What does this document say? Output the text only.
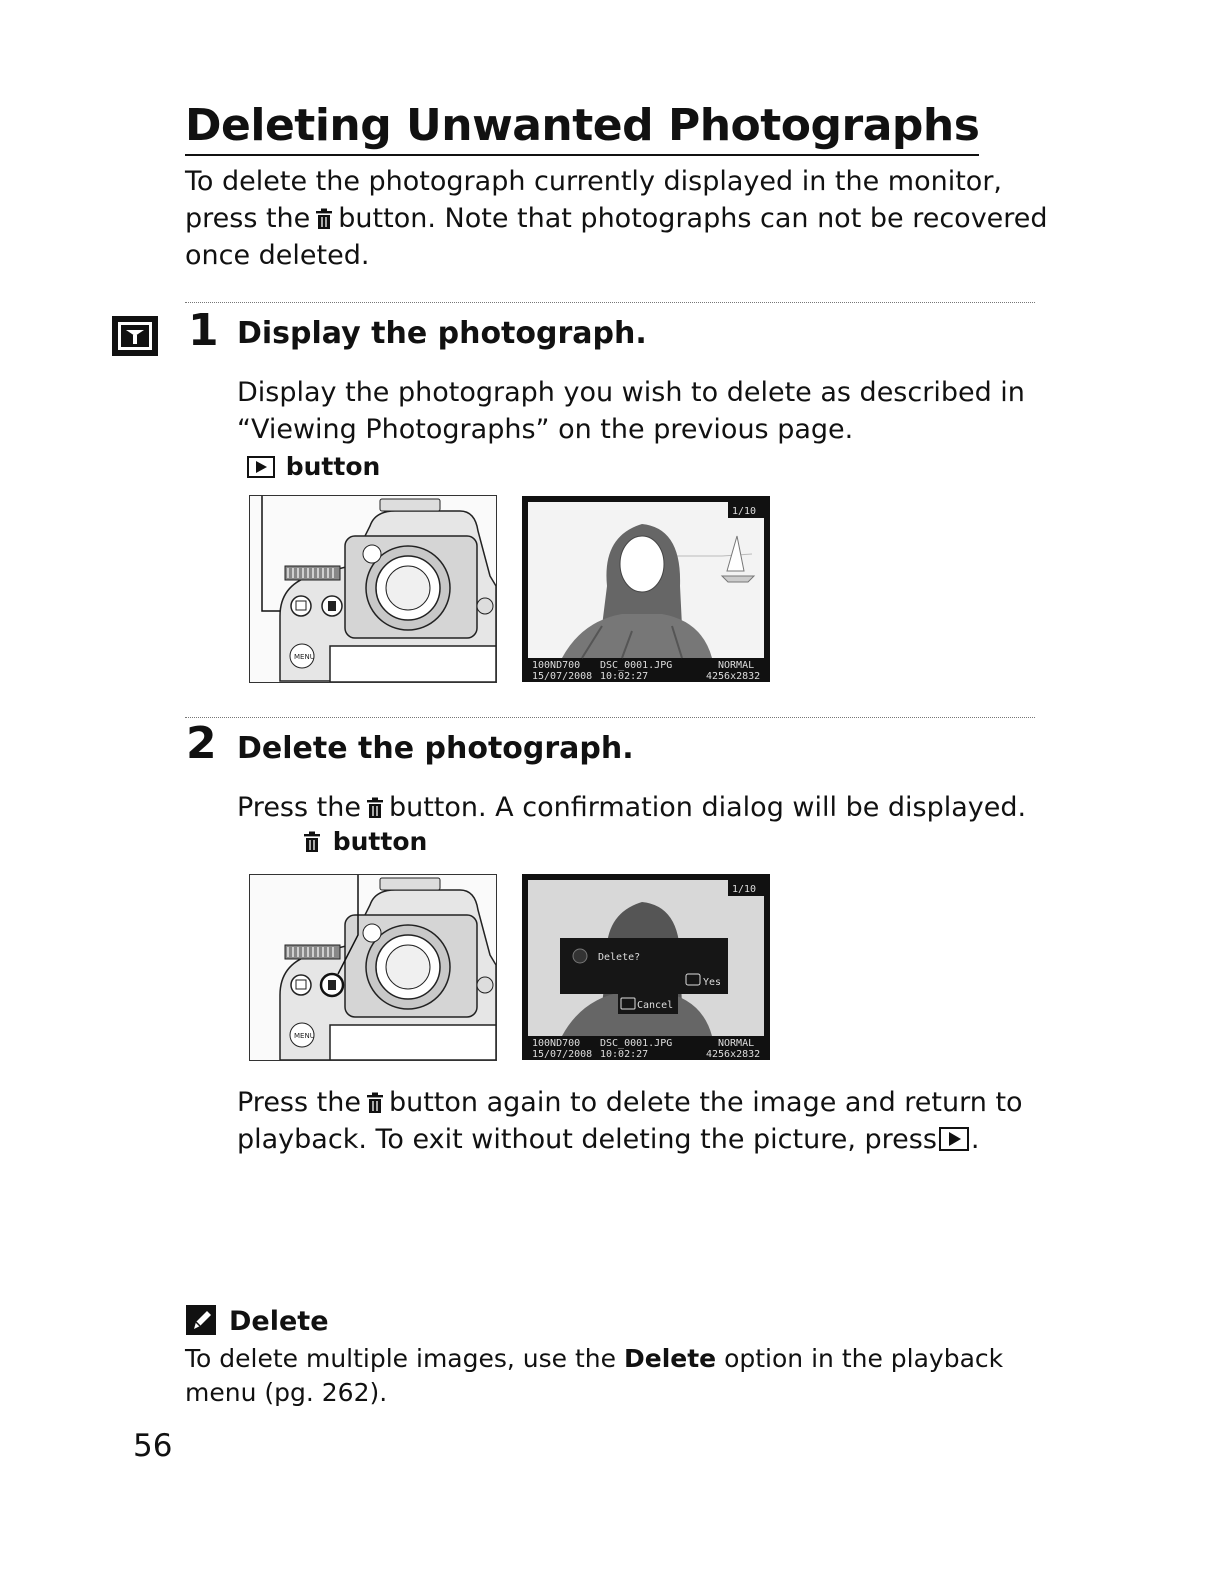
Deleting Unwanted Photographs
To delete the photograph currently displayed in the monitor, press the button. Note that photographs can not be recovered once deleted.
1 Display the photograph.
Display the photograph you wish to delete as described in “Viewing Photographs” on the previous page.
button
MENU
1/10
100ND700 DSC_0001.JPG	NORMAL
15/07/2008 10:02:27	4256x2832
2 Delete the photograph.
Press the button. A confirmation dialog will be displayed.
button
MENU
1/10
Delete?
Yes
Cancel
100ND700 DSC_0001.JPG	NORMAL
15/07/2008 10:02:27	4256x2832
Press the button again to delete the image and return to playback. To exit without deleting the picture, press .
Delete
To delete multiple images, use the Delete option in the playback menu (pg. 262).
56
